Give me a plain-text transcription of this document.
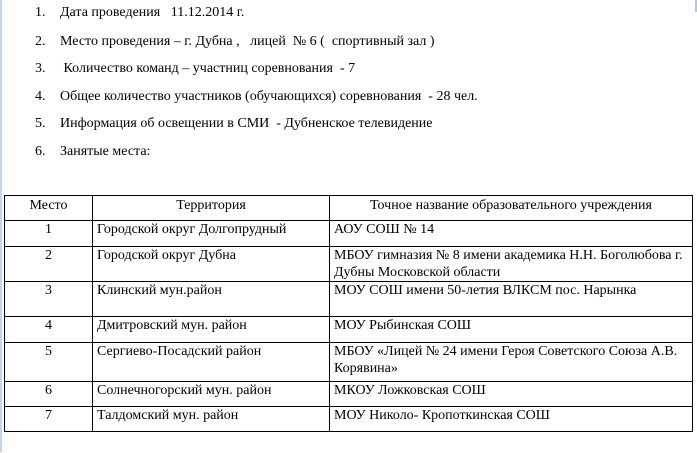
1. Дата проведения   11.12.2014 г.
2. Место проведения – г. Дубна ,   лицей  № 6 (  спортивный зал )
3. Количество команд – участниц соревнования  - 7
4. Общее количество участников (обучающихся) соревнования  - 28 чел.
5. Информация об освещении в СМИ  - Дубненское телевидение
6. Занятые места:
Место	Территория	Точное название образовательного учреждения
1	Городской округ Долгопрудный	АОУ СОШ № 14
2	Городской округ Дубна	МБОУ гимназия № 8 имени академика Н.Н. Боголюбова г. Дубны Московской области
3	Клинский мун.район	МОУ СОШ имени 50-летия ВЛКСМ пос. Нарынка
4	Дмитровский мун. район	МОУ Рыбинская СОШ
5	Сергиево-Посадский район	МБОУ «Лицей № 24 имени Героя Советского Союза А.В. Корявина»
6	Солнечногорский мун. район	МКОУ Ложковская СОШ
7	Талдомский мун. район	МОУ Николо- Кропоткинская СОШ
